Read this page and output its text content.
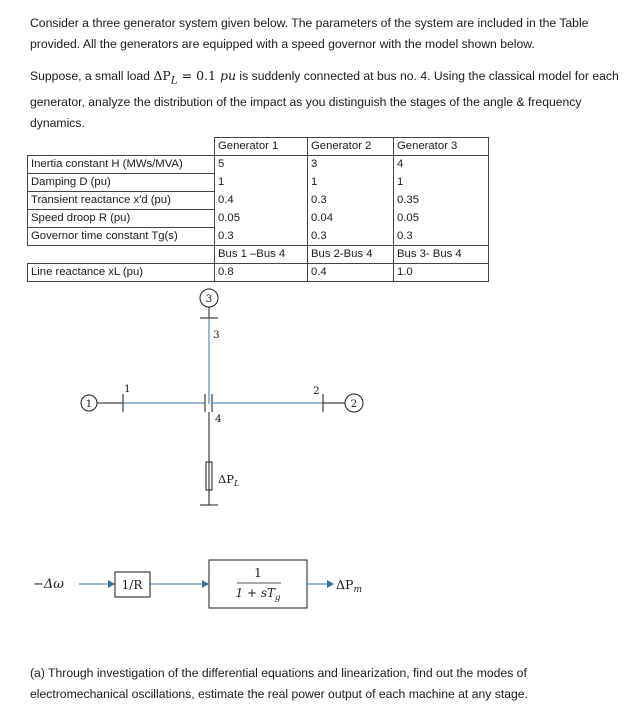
Consider a three generator system given below. The parameters of the system are included in the Table provided. All the generators are equipped with a speed governor with the model shown below.
Suppose, a small load $\Delta P_L = 0.1$ pu is suddenly connected at bus no. 4. Using the classical model for each generator, analyze the distribution of the impact as you distinguish the stages of the angle & frequency dynamics.
	Generator 1	Generator 2	Generator 3
Inertia constant H (MWs/MVA)	5	3	4
Damping D (pu)	1	1	1
Transient reactance x′d (pu)	0.4	0.3	0.35
Speed droop R (pu)	0.05	0.04	0.05
Governor time constant Tg(s)	0.3	0.3	0.3
	Bus 1 –Bus 4	Bus 2-Bus 4	Bus 3- Bus 4
Line reactance xL (pu)	0.8	0.4	1.0
3
3
1
1
4
2
2
$\Delta P_L$
−Δω	1/R
1
$1 + sT_g$
$\Delta P_m$
(a) Through investigation of the differential equations and linearization, find out the modes of electromechanical oscillations, estimate the real power output of each machine at any stage.
